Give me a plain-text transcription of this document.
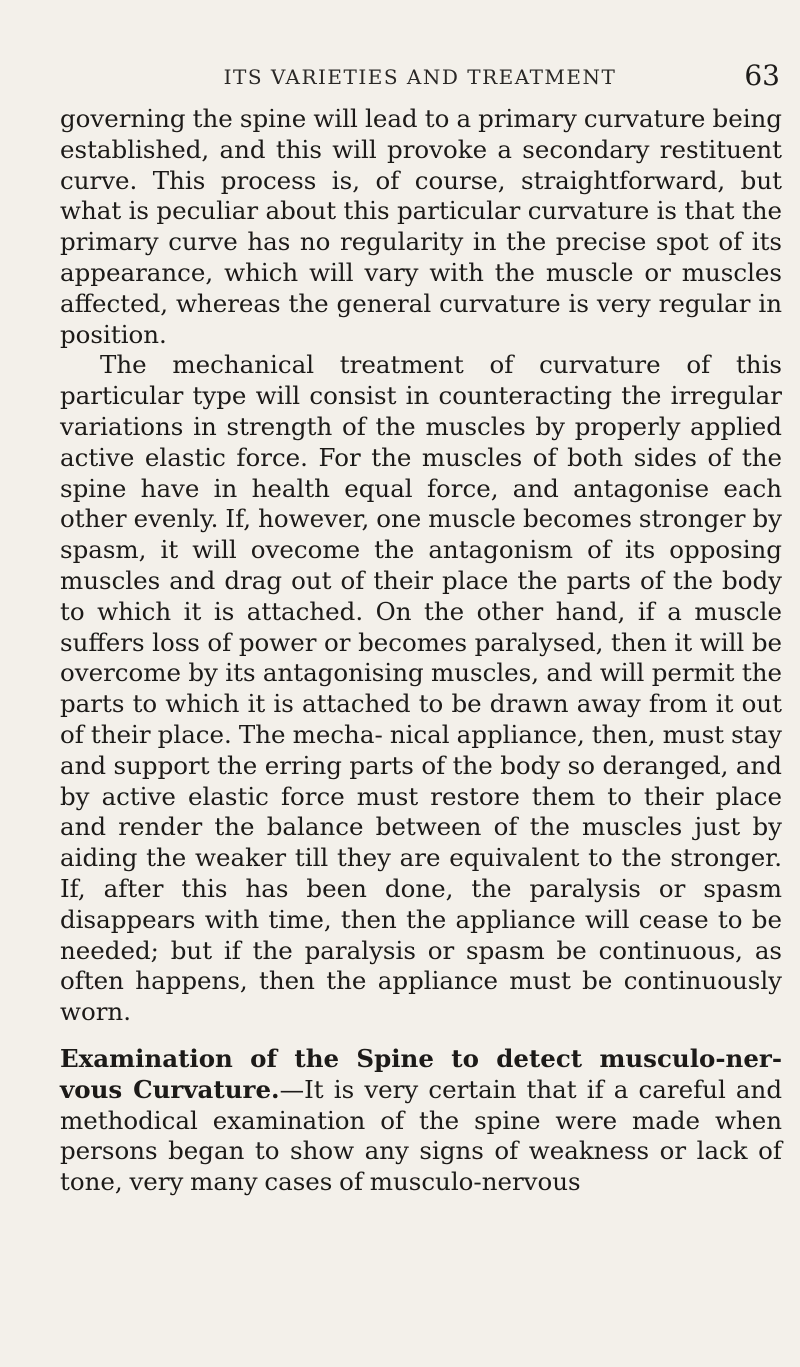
ITS VARIETIES AND TREATMENT	63

governing the spine will lead to a primary curvature being established, and this will provoke a secondary restituent curve. This process is, of course, straightforward, but what is peculiar about this particular curvature is that the primary curve has no regularity in the precise spot of its appearance, which will vary with the muscle or muscles affected, whereas the general curvature is very regular in position.

The mechanical treatment of curvature of this particular type will consist in counteracting the irregular variations in strength of the muscles by properly applied active elastic force. For the muscles of both sides of the spine have in health equal force, and antagonise each other evenly. If, however, one muscle becomes stronger by spasm, it will ovecome the antagonism of its opposing muscles and drag out of their place the parts of the body to which it is attached. On the other hand, if a muscle suffers loss of power or becomes paralysed, then it will be overcome by its antagonising muscles, and will permit the parts to which it is attached to be drawn away from it out of their place. The mecha- nical appliance, then, must stay and support the erring parts of the body so deranged, and by active elastic force must restore them to their place and render the balance between of the muscles just by aiding the weaker till they are equivalent to the stronger. If, after this has been done, the paralysis or spasm disappears with time, then the appliance will cease to be needed; but if the paralysis or spasm be continuous, as often happens, then the appliance must be continuously worn.

Examination of the Spine to detect musculo-ner- vous Curvature.—It is very certain that if a careful and methodical examination of the spine were made when persons began to show any signs of weakness or lack of tone, very many cases of musculo-nervous
